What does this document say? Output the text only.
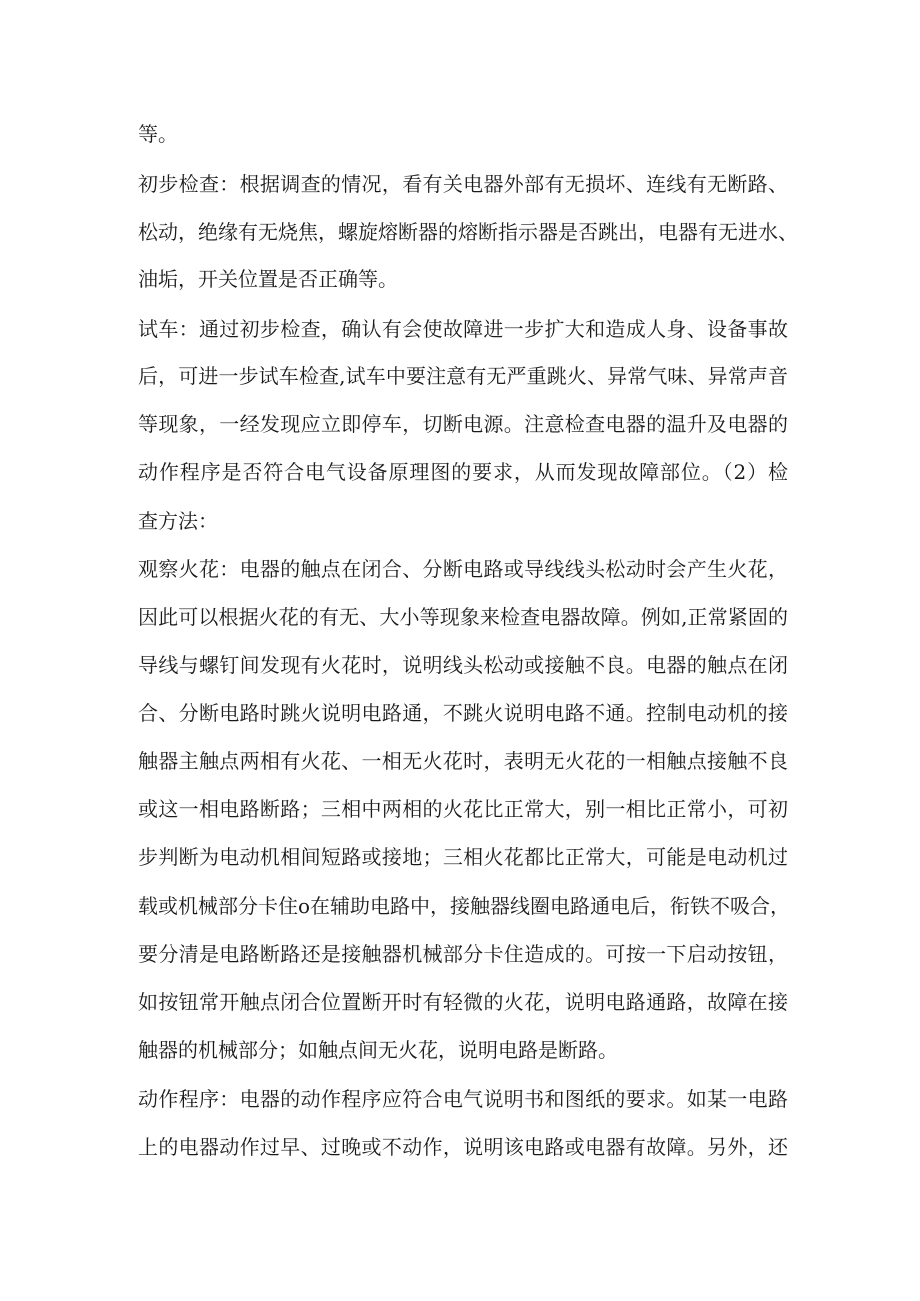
等。
初步检查：根据调查的情况，看有关电器外部有无损坏、连线有无断路、
松动，绝缘有无烧焦，螺旋熔断器的熔断指示器是否跳出，电器有无进水、
油垢，开关位置是否正确等。
试车：通过初步检查，确认有会使故障进一步扩大和造成人身、设备事故
后，可进一步试车检查,试车中要注意有无严重跳火、异常气味、异常声音
等现象，一经发现应立即停车，切断电源。注意检查电器的温升及电器的
动作程序是否符合电气设备原理图的要求，从而发现故障部位。（2）检
查方法：
观察火花：电器的触点在闭合、分断电路或导线线头松动时会产生火花，
因此可以根据火花的有无、大小等现象来检查电器故障。例如,正常紧固的
导线与螺钉间发现有火花时，说明线头松动或接触不良。电器的触点在闭
合、分断电路时跳火说明电路通，不跳火说明电路不通。控制电动机的接
触器主触点两相有火花、一相无火花时，表明无火花的一相触点接触不良
或这一相电路断路；三相中两相的火花比正常大，别一相比正常小，可初
步判断为电动机相间短路或接地；三相火花都比正常大，可能是电动机过
载或机械部分卡住o在辅助电路中，接触器线圈电路通电后，衔铁不吸合，
要分清是电路断路还是接触器机械部分卡住造成的。可按一下启动按钮，
如按钮常开触点闭合位置断开时有轻微的火花，说明电路通路，故障在接
触器的机械部分；如触点间无火花，说明电路是断路。
动作程序：电器的动作程序应符合电气说明书和图纸的要求。如某一电路
上的电器动作过早、过晚或不动作，说明该电路或电器有故障。另外，还
